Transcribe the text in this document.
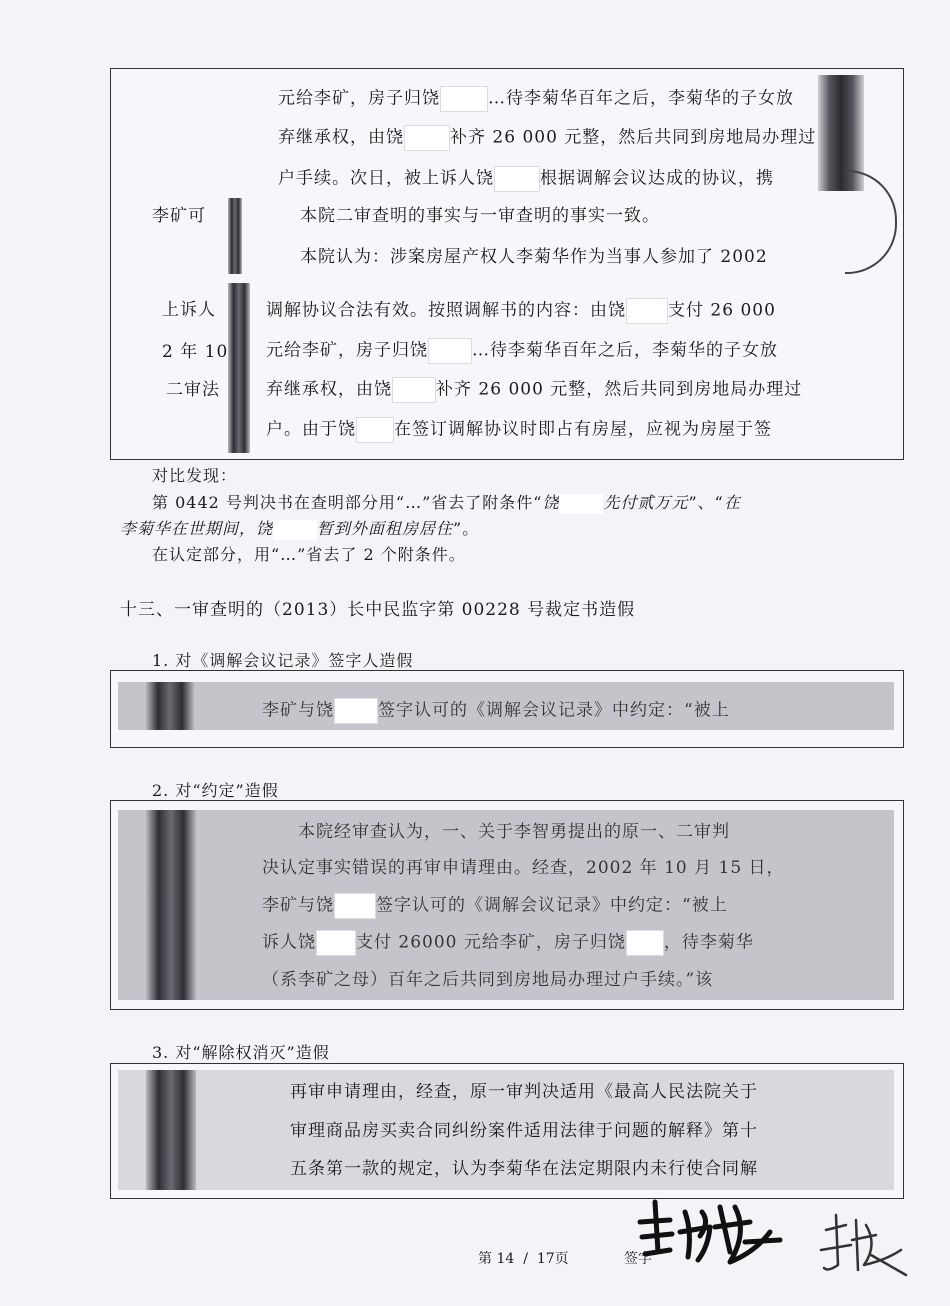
元给李矿，房子归饶	…待李菊华百年之后，李菊华的子女放
弃继承权，由饶	补齐 26 000 元整，然后共同到房地局办理过
户手续。次日，被上诉人饶	根据调解会议达成的协议，携
李矿可	本院二审查明的事实与一审查明的事实一致。
本院认为：涉案房屋产权人李菊华作为当事人参加了 2002
上诉人
2 年 10
二审法
调解协议合法有效。按照调解书的内容：由饶 支付 26 000
元给李矿，房子归饶	…待李菊华百年之后，李菊华的子女放
弃继承权，由饶	补齐 26 000 元整，然后共同到房地局办理过
户。由于饶 在签订调解协议时即占有房屋，应视为房屋于签
对比发现：
第 0442 号判决书在查明部分用“…”省去了附条件“饶	先付贰万元”、“在
李菊华在世期间，饶	暂到外面租房居住”。
在认定部分，用“…”省去了 2 个附条件。
十三、一审查明的（2013）长中民监字第 00228 号裁定书造假
1. 对《调解会议记录》签字人造假
李矿与饶	签字认可的《调解会议记录》中约定：“被上
2. 对“约定”造假
本院经审查认为，一、关于李智勇提出的原一、二审判
决认定事实错误的再审申请理由。经查，2002 年 10 月 15 日，
李矿与饶 签字认可的《调解会议记录》中约定：“被上
诉人饶 支付 26000 元给李矿，房子归饶 ，待李菊华
（系李矿之母）百年之后共同到房地局办理过户手续。”该
3. 对“解除权消灭”造假
再审申请理由，经查，原一审判决适用《最高人民法院关于
审理商品房买卖合同纠纷案件适用法律于问题的解释》第十
五条第一款的规定，认为李菊华在法定期限内未行使合同解
第 14 / 17页	签字
